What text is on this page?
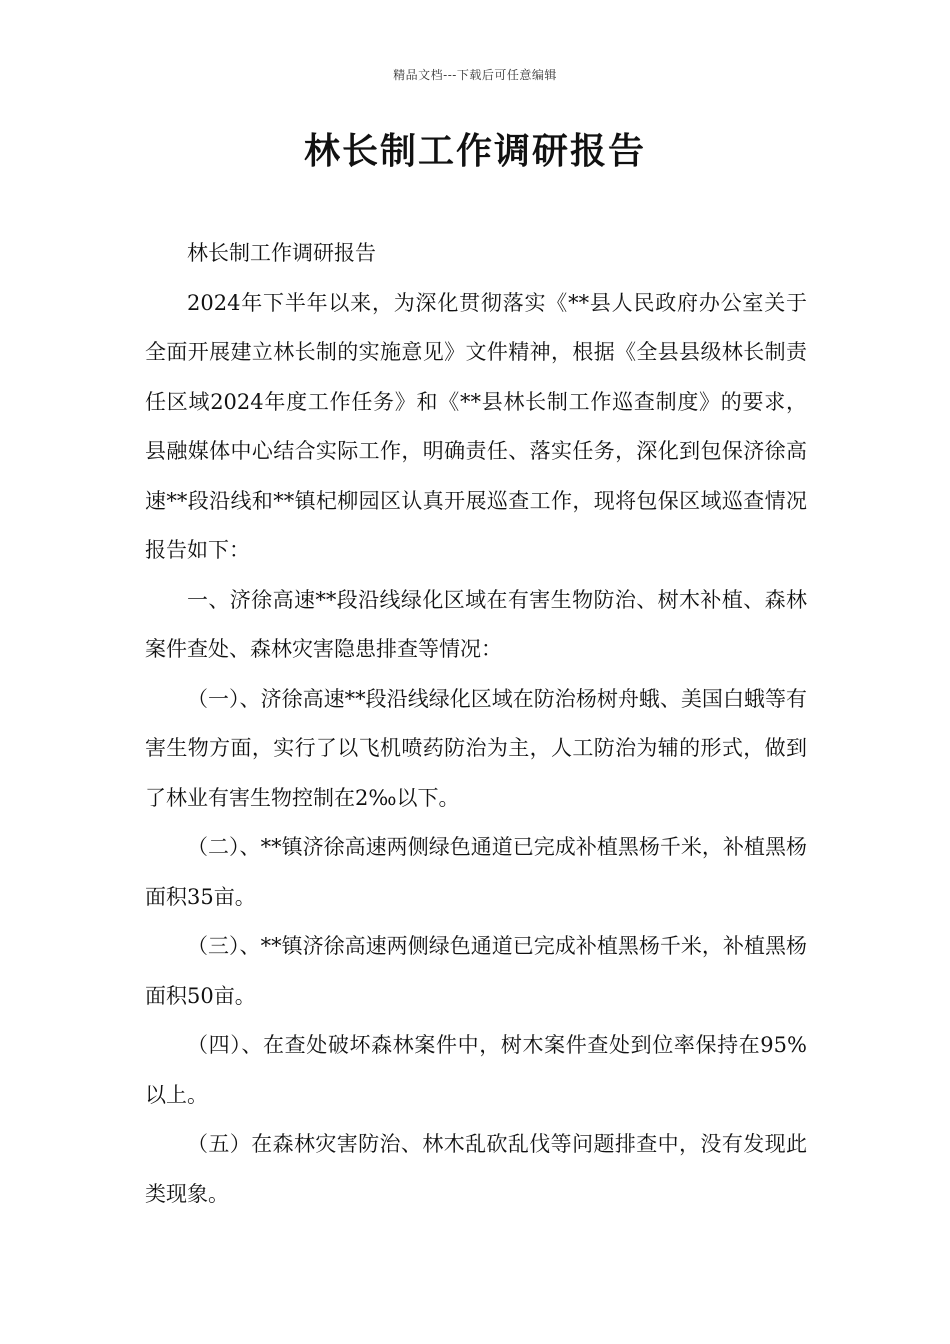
精品文档---下载后可任意编辑
林长制工作调研报告

林长制工作调研报告

2024年下半年以来，为深化贯彻落实《**县人民政府办公室关于全面开展建立林长制的实施意见》文件精神，根据《全县县级林长制责任区域2024年度工作任务》和《**县林长制工作巡查制度》的要求，县融媒体中心结合实际工作，明确责任、落实任务，深化到包保济徐高速**段沿线和**镇杞柳园区认真开展巡查工作，现将包保区域巡查情况报告如下：

一、济徐高速**段沿线绿化区域在有害生物防治、树木补植、森林案件查处、森林灾害隐患排查等情况：

（一）、济徐高速**段沿线绿化区域在防治杨树舟蛾、美国白蛾等有害生物方面，实行了以飞机喷药防治为主，人工防治为辅的形式，做到了林业有害生物控制在2‰以下。

（二）、**镇济徐高速两侧绿色通道已完成补植黑杨千米，补植黑杨面积35亩。

（三）、**镇济徐高速两侧绿色通道已完成补植黑杨千米，补植黑杨面积50亩。

（四）、在查处破坏森林案件中，树木案件查处到位率保持在95%以上。

（五）在森林灾害防治、林木乱砍乱伐等问题排查中，没有发现此类现象。
